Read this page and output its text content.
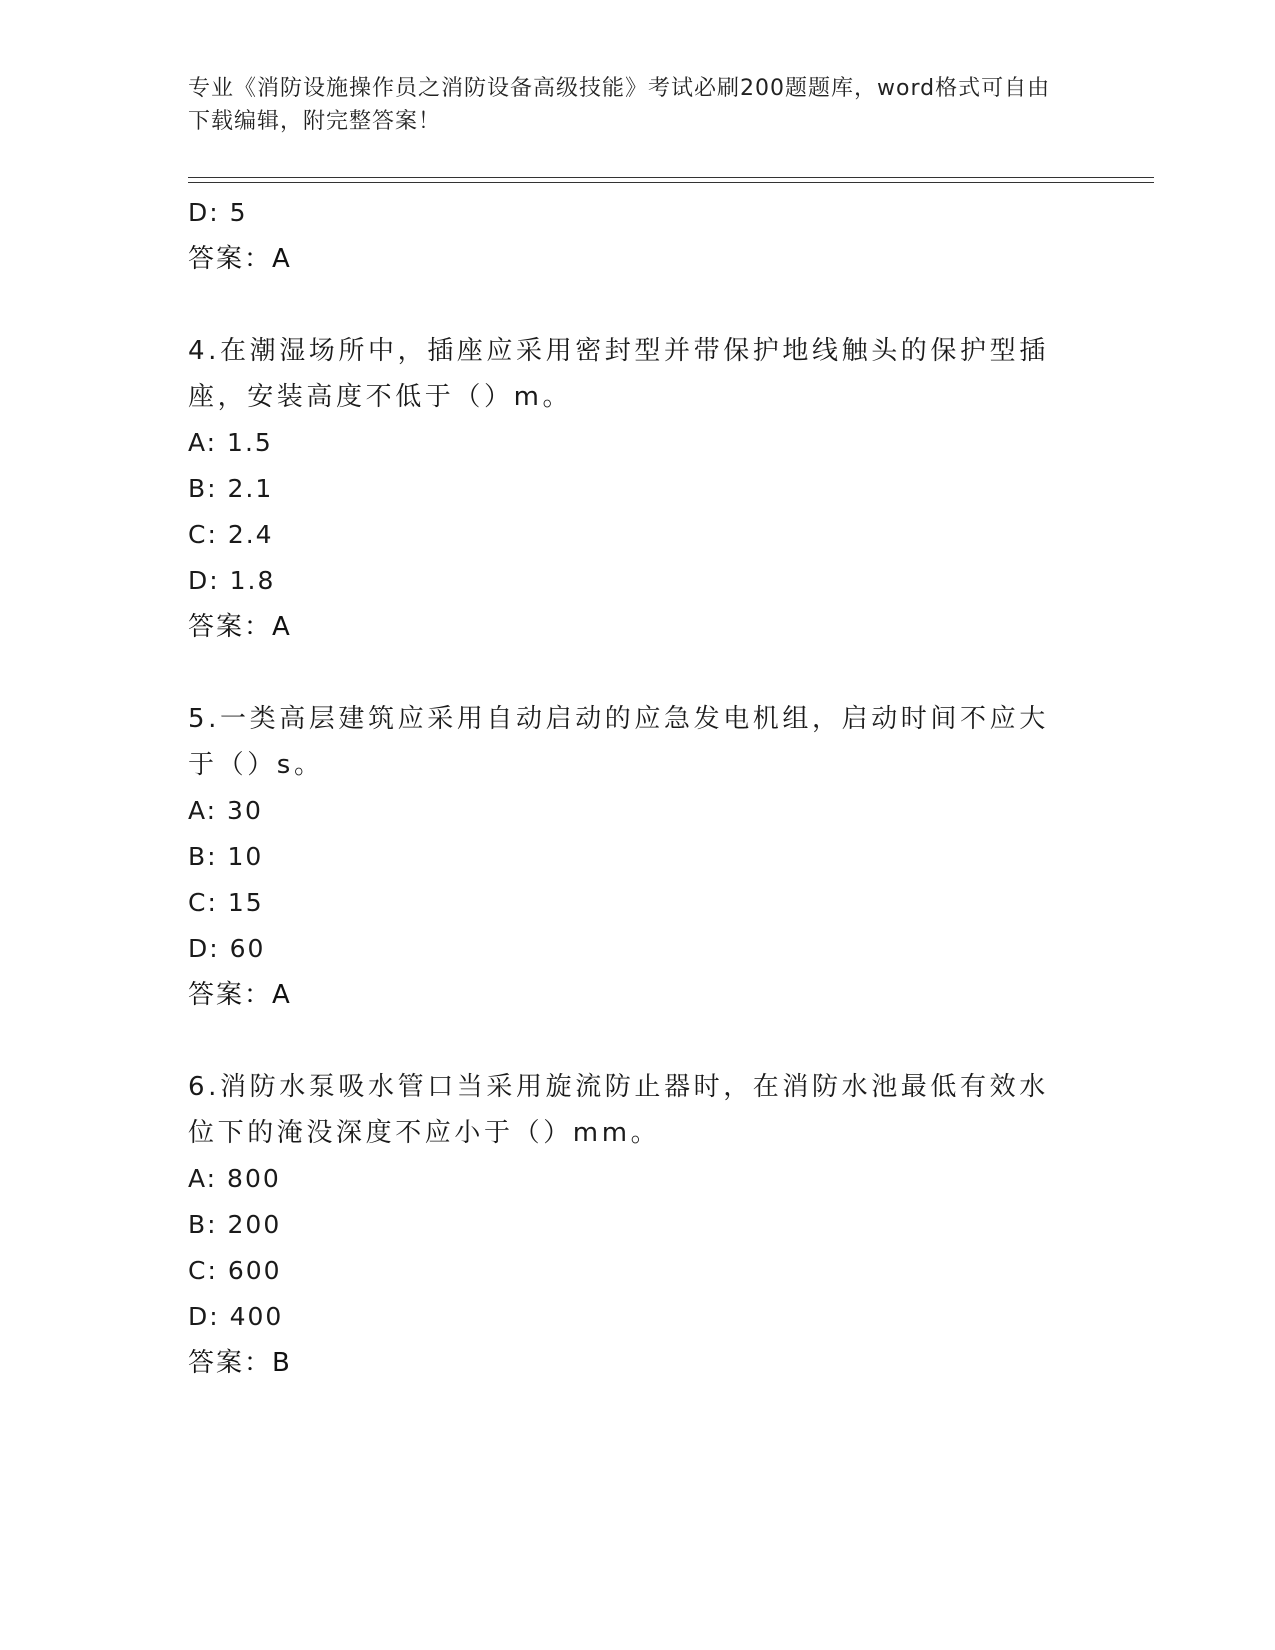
专业《消防设施操作员之消防设备高级技能》考试必刷200题题库，word格式可自由下载编辑，附完整答案！
D: 5
答案：A
4.在潮湿场所中，插座应采用密封型并带保护地线触头的保护型插座，安装高度不低于（）m。
A: 1.5
B: 2.1
C: 2.4
D: 1.8
答案：A
5.一类高层建筑应采用自动启动的应急发电机组，启动时间不应大于（）s。
A: 30
B: 10
C: 15
D: 60
答案：A
6.消防水泵吸水管口当采用旋流防止器时，在消防水池最低有效水位下的淹没深度不应小于（）mm。
A: 800
B: 200
C: 600
D: 400
答案：B
